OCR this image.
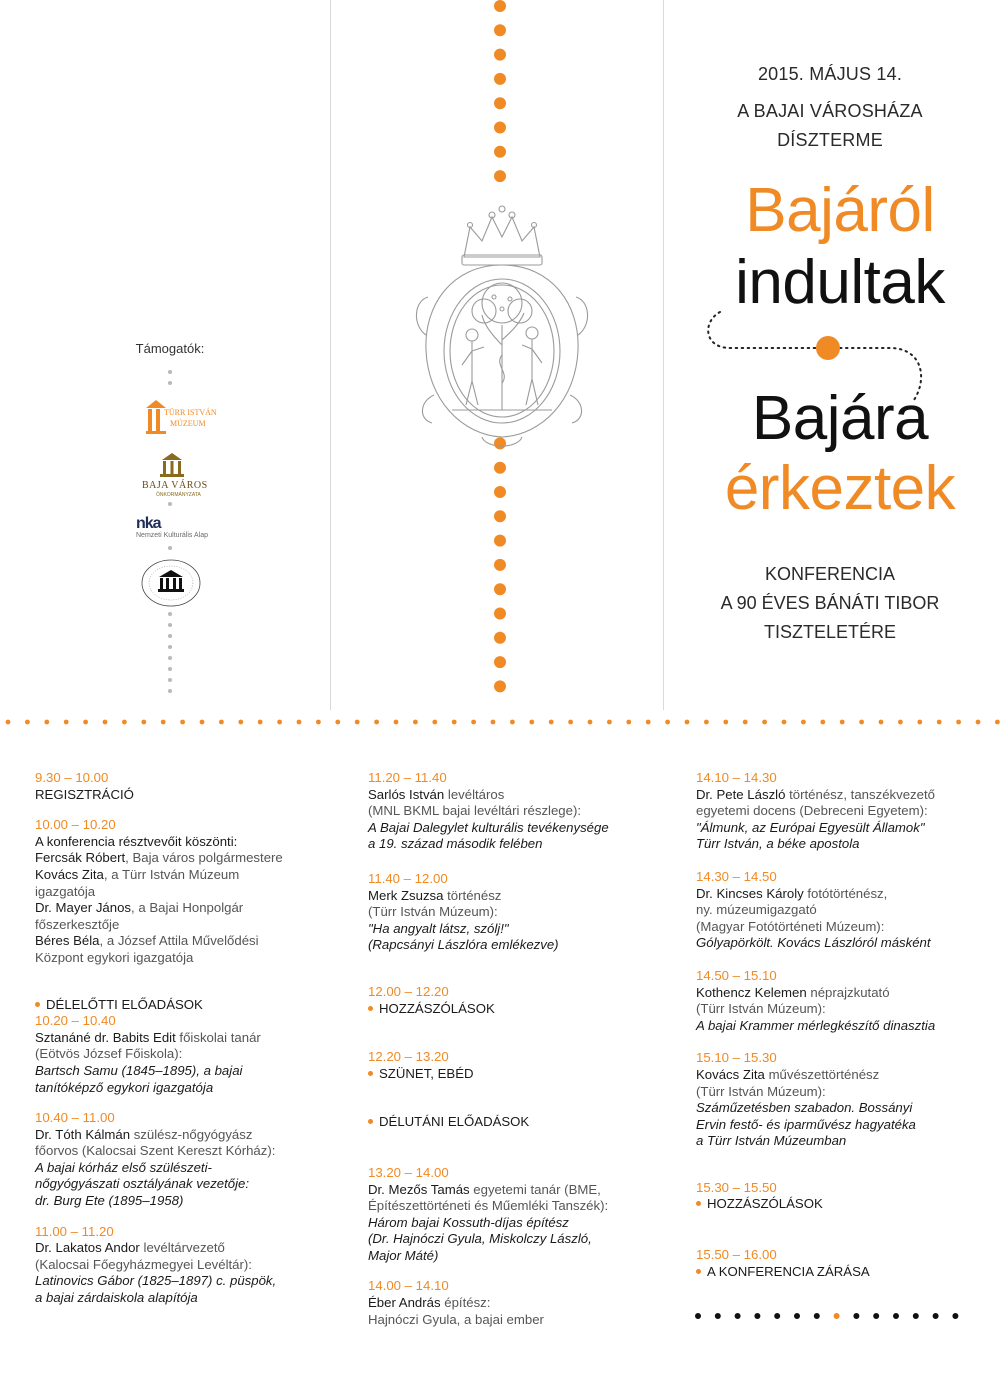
2015. MÁJUS 14.
A BAJAI VÁROSHÁZA
DÍSZTERME
Bajáról
indultak
Bajára
érkeztek
KONFERENCIA
A 90 ÉVES BÁNÁTI TIBOR
TISZTELETÉRE
Támogatók:
TÜRR ISTVÁN
MÚZEUM
BAJA VÁROS
ÖNKORMÁNYZATA
nka
Nemzeti Kulturális Alap

9.30 – 10.00

REGISZTRÁCIÓ

10.00 – 10.20

A konferencia résztvevőit köszönti:

Fercsák Róbert, Baja város polgármestere

Kovács Zita, a Türr István Múzeum

igazgatója

Dr. Mayer János, a Bajai Honpolgár

főszerkesztője

Béres Béla, a József Attila Művelődési

Központ egykori igazgatója

DÉLELŐTTI ELŐADÁSOK

10.20 – 10.40

Sztanáné dr. Babits Edit főiskolai tanár

(Eötvös József Főiskola):

Bartsch Samu (1845–1895), a bajai

tanítóképző egykori igazgatója

10.40 – 11.00

Dr. Tóth Kálmán szülész-nőgyógyász

főorvos (Kalocsai Szent Kereszt Kórház):

A bajai kórház első szülészeti-

nőgyógyászati osztályának vezetője:

dr. Burg Ete (1895–1958)

11.00 – 11.20

Dr. Lakatos Andor levéltárvezető

(Kalocsai Főegyházmegyei Levéltár):

Latinovics Gábor (1825–1897) c. püspök,

a bajai zárdaiskola alapítója

11.20 – 11.40

Sarlós István levéltáros

(MNL BKML bajai levéltári részlege):

A Bajai Dalegylet kulturális tevékenysége

a 19. század második felében

11.40 – 12.00

Merk Zsuzsa történész

(Türr István Múzeum):

"Ha angyalt látsz, szólj!"

(Rapcsányi Lászlóra emlékezve)

12.00 – 12.20

HOZZÁSZÓLÁSOK

12.20 – 13.20

SZÜNET, EBÉD

DÉLUTÁNI ELŐADÁSOK

13.20 – 14.00

Dr. Mezős Tamás egyetemi tanár (BME,

Építészettörténeti és Műemléki Tanszék):

Három bajai Kossuth-díjas építész

(Dr. Hajnóczi Gyula, Miskolczy László,

Major Máté)

14.00 – 14.10

Éber András építész:

Hajnóczi Gyula, a bajai ember

14.10 – 14.30

Dr. Pete László történész, tanszékvezető

egyetemi docens (Debreceni Egyetem):

"Álmunk, az Európai Egyesült Államok"

Türr István, a béke apostola

14.30 – 14.50

Dr. Kincses Károly fotótörténész,

ny. múzeumigazgató

(Magyar Fotótörténeti Múzeum):

Gólyapörkölt. Kovács Lászlóról másként

14.50 – 15.10

Kothencz Kelemen néprajzkutató

(Türr István Múzeum):

A bajai Krammer mérlegkészítő dinasztia

15.10 – 15.30

Kovács Zita művészettörténész

(Türr István Múzeum):

Száműzetésben szabadon. Bossányi

Ervin festő- és iparművész hagyatéka

a Türr István Múzeumban

15.30 – 15.50

HOZZÁSZÓLÁSOK

15.50 – 16.00

A KONFERENCIA ZÁRÁSA
